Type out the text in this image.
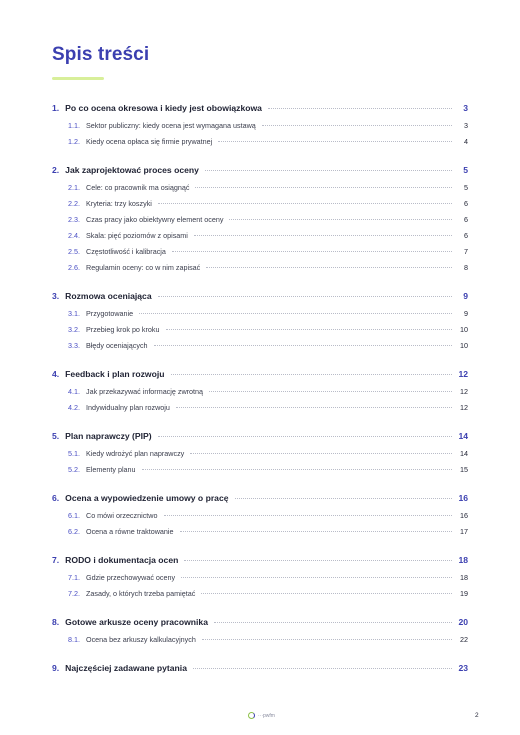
Spis treści
1. Po co ocena okresowa i kiedy jest obowiązkowa	3
1.1. Sektor publiczny: kiedy ocena jest wymagana ustawą	3
1.2. Kiedy ocena opłaca się firmie prywatnej	4
2. Jak zaprojektować proces oceny	5
2.1. Cele: co pracownik ma osiągnąć	5
2.2. Kryteria: trzy koszyki	6
2.3. Czas pracy jako obiektywny element oceny	6
2.4. Skala: pięć poziomów z opisami	6
2.5. Częstotliwość i kalibracja	7
2.6. Regulamin oceny: co w nim zapisać	8
3. Rozmowa oceniająca	9
3.1. Przygotowanie	9
3.2. Przebieg krok po kroku	10
3.3. Błędy oceniających	10
4. Feedback i plan rozwoju	12
4.1. Jak przekazywać informację zwrotną	12
4.2. Indywidualny plan rozwoju	12
5. Plan naprawczy (PIP)	14
5.1. Kiedy wdrożyć plan naprawczy	14
5.2. Elementy planu	15
6. Ocena a wypowiedzenie umowy o pracę	16
6.1. Co mówi orzecznictwo	16
6.2. Ocena a równe traktowanie	17
7. RODO i dokumentacja ocen	18
7.1. Gdzie przechowywać oceny	18
7.2. Zasady, o których trzeba pamiętać	19
8. Gotowe arkusze oceny pracownika	20
8.1. Ocena bez arkuszy kalkulacyjnych	22
9. Najczęściej zadawane pytania	23
···pwfm	2
